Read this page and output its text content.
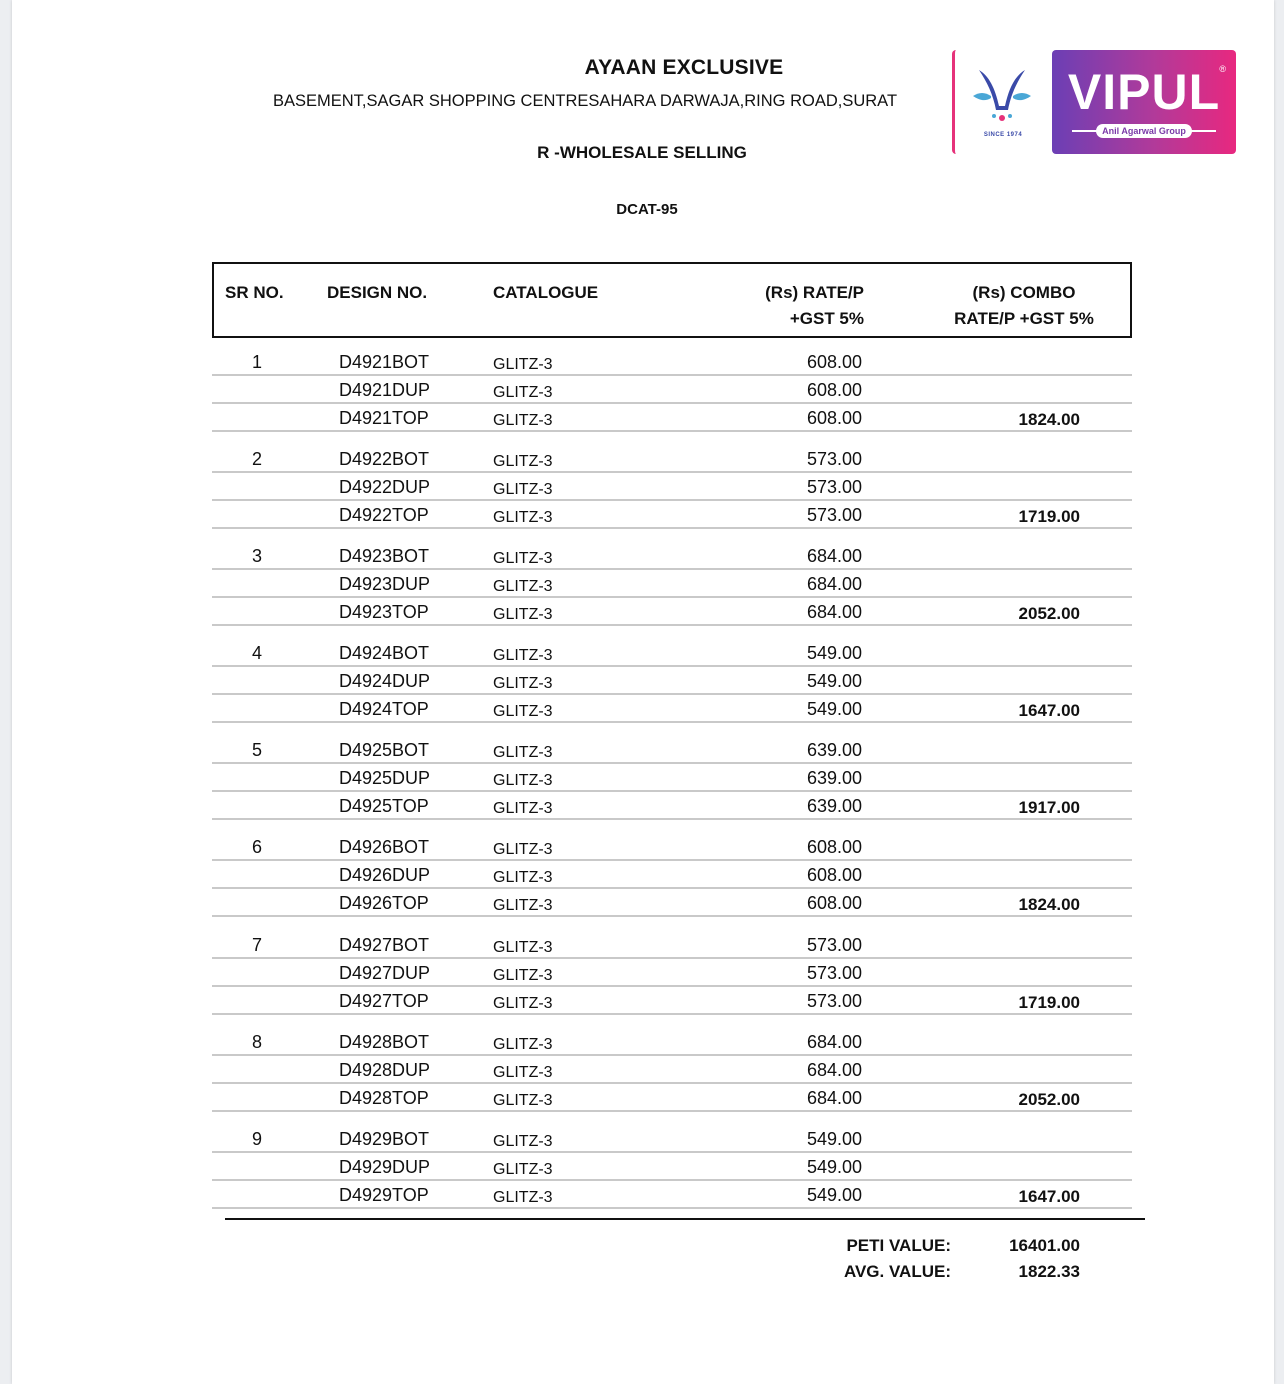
AYAAN EXCLUSIVE
BASEMENT,SAGAR SHOPPING CENTRESAHARA DARWAJA,RING ROAD,SURAT
R -WHOLESALE SELLING
DCAT-95
SINCE 1974
VIPUL ®
Anil Agarwal Group
SR NO.	DESIGN NO.	CATALOGUE	(Rs) RATE/P
+GST 5%
(Rs) COMBO
RATE/P +GST 5%
1	D4921BOT	GLITZ-3	608.00
D4921DUP	GLITZ-3	608.00
D4921TOP	GLITZ-3	608.00	1824.00
2	D4922BOT	GLITZ-3	573.00
D4922DUP	GLITZ-3	573.00
D4922TOP	GLITZ-3	573.00	1719.00
3	D4923BOT	GLITZ-3	684.00
D4923DUP	GLITZ-3	684.00
D4923TOP	GLITZ-3	684.00	2052.00
4	D4924BOT	GLITZ-3	549.00
D4924DUP	GLITZ-3	549.00
D4924TOP	GLITZ-3	549.00	1647.00
5	D4925BOT	GLITZ-3	639.00
D4925DUP	GLITZ-3	639.00
D4925TOP	GLITZ-3	639.00	1917.00
6	D4926BOT	GLITZ-3	608.00
D4926DUP	GLITZ-3	608.00
D4926TOP	GLITZ-3	608.00	1824.00
7	D4927BOT	GLITZ-3	573.00
D4927DUP	GLITZ-3	573.00
D4927TOP	GLITZ-3	573.00	1719.00
8	D4928BOT	GLITZ-3	684.00
D4928DUP	GLITZ-3	684.00
D4928TOP	GLITZ-3	684.00	2052.00
9	D4929BOT	GLITZ-3	549.00
D4929DUP	GLITZ-3	549.00
D4929TOP	GLITZ-3	549.00	1647.00
PETI VALUE:	16401.00
AVG. VALUE:	1822.33
